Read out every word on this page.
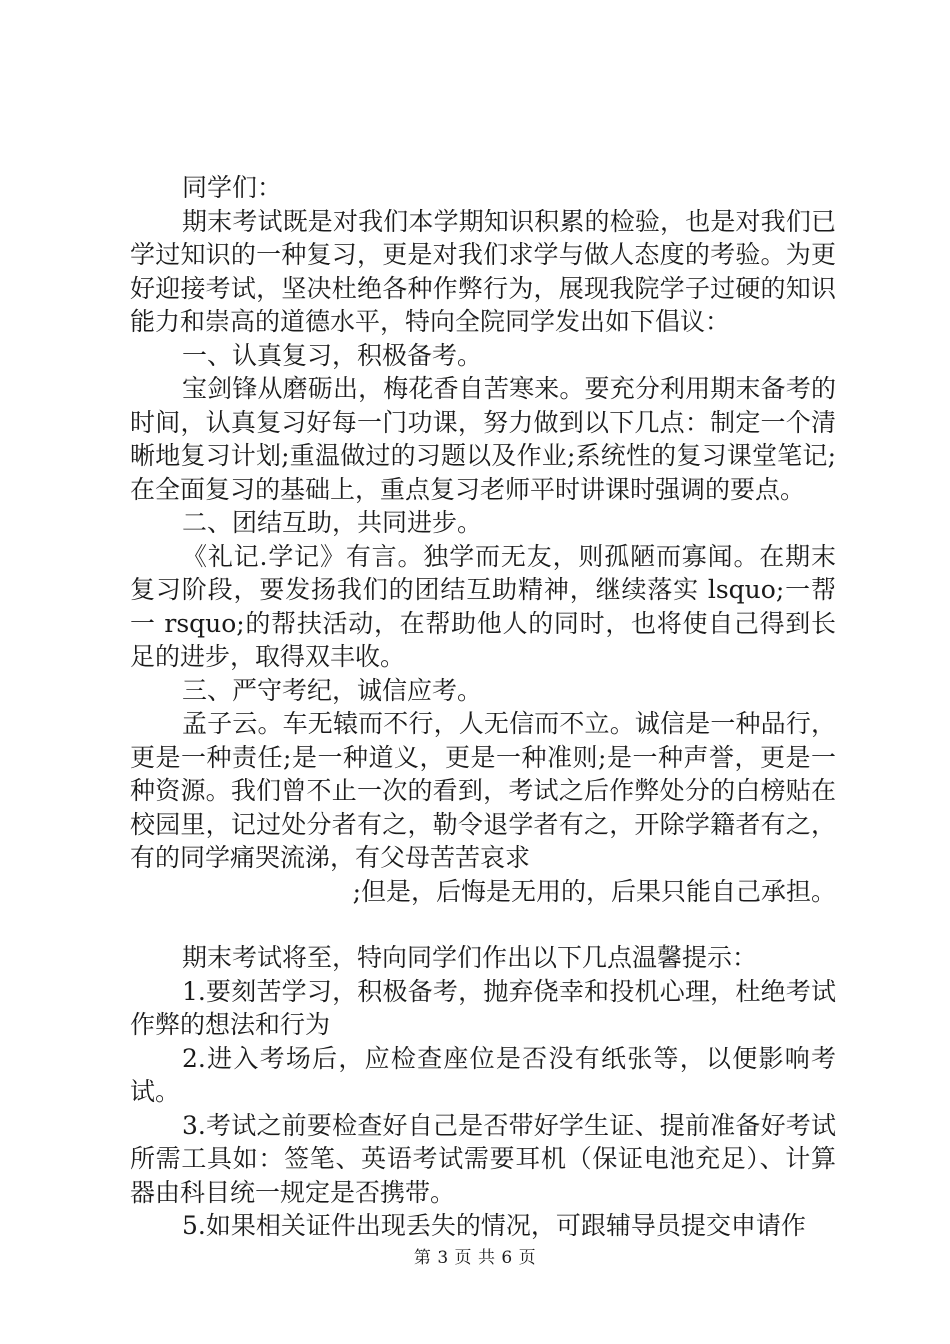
同学们：

期末考试既是对我们本学期知识积累的检验，也是对我们已学过知识的一种复习，更是对我们求学与做人态度的考验。为更好迎接考试，坚决杜绝各种作弊行为，展现我院学子过硬的知识能力和崇高的道德水平，特向全院同学发出如下倡议：

一、认真复习，积极备考。

宝剑锋从磨砺出，梅花香自苦寒来。要充分利用期末备考的时间，认真复习好每一门功课，努力做到以下几点：制定一个清晰地复习计划;重温做过的习题以及作业;系统性的复习课堂笔记;在全面复习的基础上，重点复习老师平时讲课时强调的要点。

二、团结互助，共同进步。

《礼记.学记》有言。独学而无友，则孤陋而寡闻。在期末复习阶段，要发扬我们的团结互助精神，继续落实 lsquo;一帮一 rsquo;的帮扶活动，在帮助他人的同时，也将使自己得到长足的进步，取得双丰收。

三、严守考纪，诚信应考。

孟子云。车无辕而不行，人无信而不立。诚信是一种品行，更是一种责任;是一种道义，更是一种准则;是一种声誉，更是一种资源。我们曾不止一次的看到，考试之后作弊处分的白榜贴在校园里，记过处分者有之，勒令退学者有之，开除学籍者有之，有的同学痛哭流涕，有父母苦苦哀求

;但是，后悔是无用的，后果只能自己承担。

期末考试将至，特向同学们作出以下几点温馨提示：

1.要刻苦学习，积极备考，抛弃侥幸和投机心理，杜绝考试作弊的想法和行为

2.进入考场后，应检查座位是否没有纸张等，以便影响考试。

3.考试之前要检查好自己是否带好学生证、提前准备好考试所需工具如：签笔、英语考试需要耳机（保证电池充足）、计算器由科目统一规定是否携带。

5.如果相关证件出现丢失的情况，可跟辅导员提交申请作

第 3 页 共 6 页
